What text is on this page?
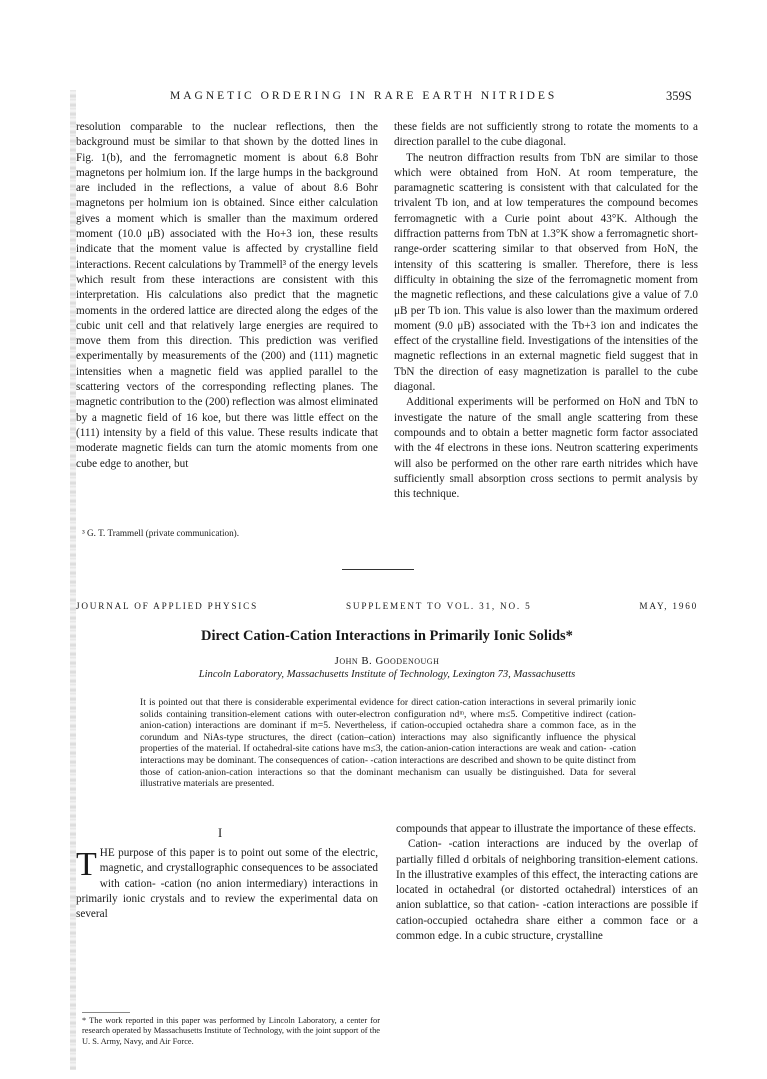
MAGNETIC ORDERING IN RARE EARTH NITRIDES	359S

resolution comparable to the nuclear reflections, then the background must be similar to that shown by the dotted lines in Fig. 1(b), and the ferromagnetic moment is about 6.8 Bohr magnetons per holmium ion. If the large humps in the background are included in the reflections, a value of about 8.6 Bohr magnetons per holmium ion is obtained. Since either calculation gives a moment which is smaller than the maximum ordered moment (10.0 μB) associated with the Ho+3 ion, these results indicate that the moment value is affected by crystalline field interactions. Recent calculations by Trammell³ of the energy levels which result from these interactions are consistent with this interpretation. His calculations also predict that the magnetic moments in the ordered lattice are directed along the edges of the cubic unit cell and that relatively large energies are required to move them from this direction. This prediction was verified experimentally by measurements of the (200) and (111) magnetic intensities when a magnetic field was applied parallel to the scattering vectors of the corresponding reflecting planes. The magnetic contribution to the (200) reflection was almost eliminated by a magnetic field of 16 koe, but there was little effect on the (111) intensity by a field of this value. These results indicate that moderate magnetic fields can turn the atomic moments from one cube edge to another, but

³ G. T. Trammell (private communication).

these fields are not sufficiently strong to rotate the moments to a direction parallel to the cube diagonal.

The neutron diffraction results from TbN are similar to those which were obtained from HoN. At room temperature, the paramagnetic scattering is consistent with that calculated for the trivalent Tb ion, and at low temperatures the compound becomes ferromagnetic with a Curie point about 43°K. Although the diffraction patterns from TbN at 1.3°K show a ferromagnetic short-range-order scattering similar to that observed from HoN, the intensity of this scattering is smaller. Therefore, there is less difficulty in obtaining the size of the ferromagnetic moment from the magnetic reflections, and these calculations give a value of 7.0 μB per Tb ion. This value is also lower than the maximum ordered moment (9.0 μB) associated with the Tb+3 ion and indicates the effect of the crystalline field. Investigations of the intensities of the magnetic reflections in an external magnetic field suggest that in TbN the direction of easy magnetization is parallel to the cube diagonal.

Additional experiments will be performed on HoN and TbN to investigate the nature of the small angle scattering from these compounds and to obtain a better magnetic form factor associated with the 4f electrons in these ions. Neutron scattering experiments will also be performed on the other rare earth nitrides which have sufficiently small absorption cross sections to permit analysis by this technique.

JOURNAL OF APPLIED PHYSICS	SUPPLEMENT TO VOL. 31, NO. 5	MAY, 1960
Direct Cation-Cation Interactions in Primarily Ionic Solids*
John B. Goodenough
Lincoln Laboratory, Massachusetts Institute of Technology, Lexington 73, Massachusetts
It is pointed out that there is considerable experimental evidence for direct cation-cation interactions in several primarily ionic solids containing transition-element cations with outer-electron configuration ndᵐ, where m≤5. Competitive indirect (cation-anion-cation) interactions are dominant if m=5. Nevertheless, if cation-occupied octahedra share a common face, as in the corundum and NiAs-type structures, the direct (cation–cation) interactions may also significantly influence the physical properties of the material. If octahedral-site cations have m≤3, the cation-anion-cation interactions are weak and cation- -cation interactions may be dominant. The consequences of cation- -cation interactions are described and shown to be quite distinct from those of cation-anion-cation interactions so that the dominant mechanism can usually be distinguished. Data for several illustrative materials are presented.
I
T HE purpose of this paper is to point out some of the electric, magnetic, and crystallographic consequences to be associated with cation- -cation (no anion intermediary) interactions in primarily ionic crystals and to review the experimental data on several

* The work reported in this paper was performed by Lincoln Laboratory, a center for research operated by Massachusetts Institute of Technology, with the joint support of the U. S. Army, Navy, and Air Force.

compounds that appear to illustrate the importance of these effects.

Cation- -cation interactions are induced by the overlap of partially filled d orbitals of neighboring transition-element cations. In the illustrative examples of this effect, the interacting cations are located in octahedral (or distorted octahedral) interstices of an anion sublattice, so that cation- -cation interactions are possible if cation-occupied octahedra share either a common face or a common edge. In a cubic structure, crystalline
